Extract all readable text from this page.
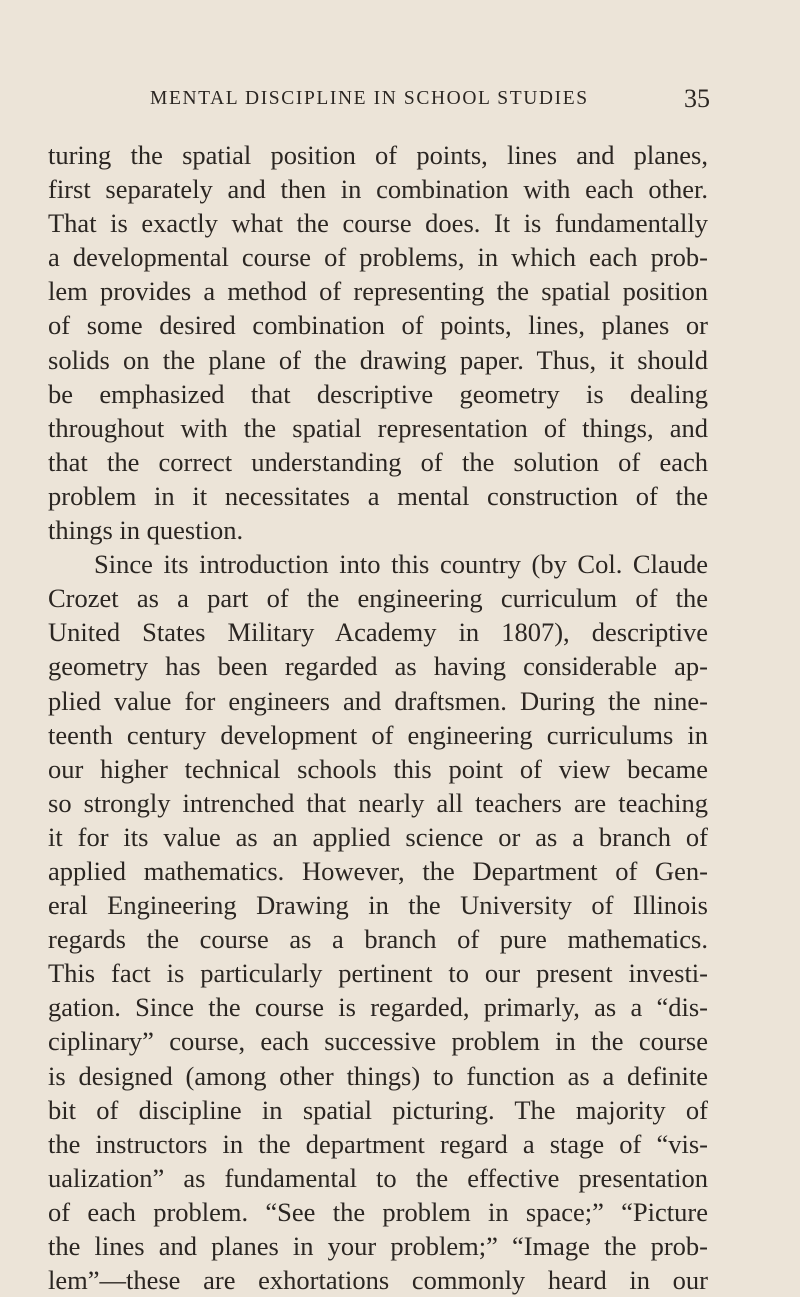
MENTAL DISCIPLINE IN SCHOOL STUDIES	35
turing the spatial position of points, lines and planes,
first separately and then in combination with each other.
That is exactly what the course does. It is fundamentally
a developmental course of problems, in which each prob-
lem provides a method of representing the spatial position
of some desired combination of points, lines, planes or
solids on the plane of the drawing paper. Thus, it should
be emphasized that descriptive geometry is dealing
throughout with the spatial representation of things, and
that the correct understanding of the solution of each
problem in it necessitates a mental construction of the
things in question.
Since its introduction into this country (by Col. Claude
Crozet as a part of the engineering curriculum of the
United States Military Academy in 1807), descriptive
geometry has been regarded as having considerable ap-
plied value for engineers and draftsmen. During the nine-
teenth century development of engineering curriculums in
our higher technical schools this point of view became
so strongly intrenched that nearly all teachers are teaching
it for its value as an applied science or as a branch of
applied mathematics. However, the Department of Gen-
eral Engineering Drawing in the University of Illinois
regards the course as a branch of pure mathematics.
This fact is particularly pertinent to our present investi-
gation. Since the course is regarded, primarly, as a “dis-
ciplinary” course, each successive problem in the course
is designed (among other things) to function as a definite
bit of discipline in spatial picturing. The majority of
the instructors in the department regard a stage of “vis-
ualization” as fundamental to the effective presentation
of each problem. “See the problem in space;” “Picture
the lines and planes in your problem;” “Image the prob-
lem”—these are exhortations commonly heard in our
